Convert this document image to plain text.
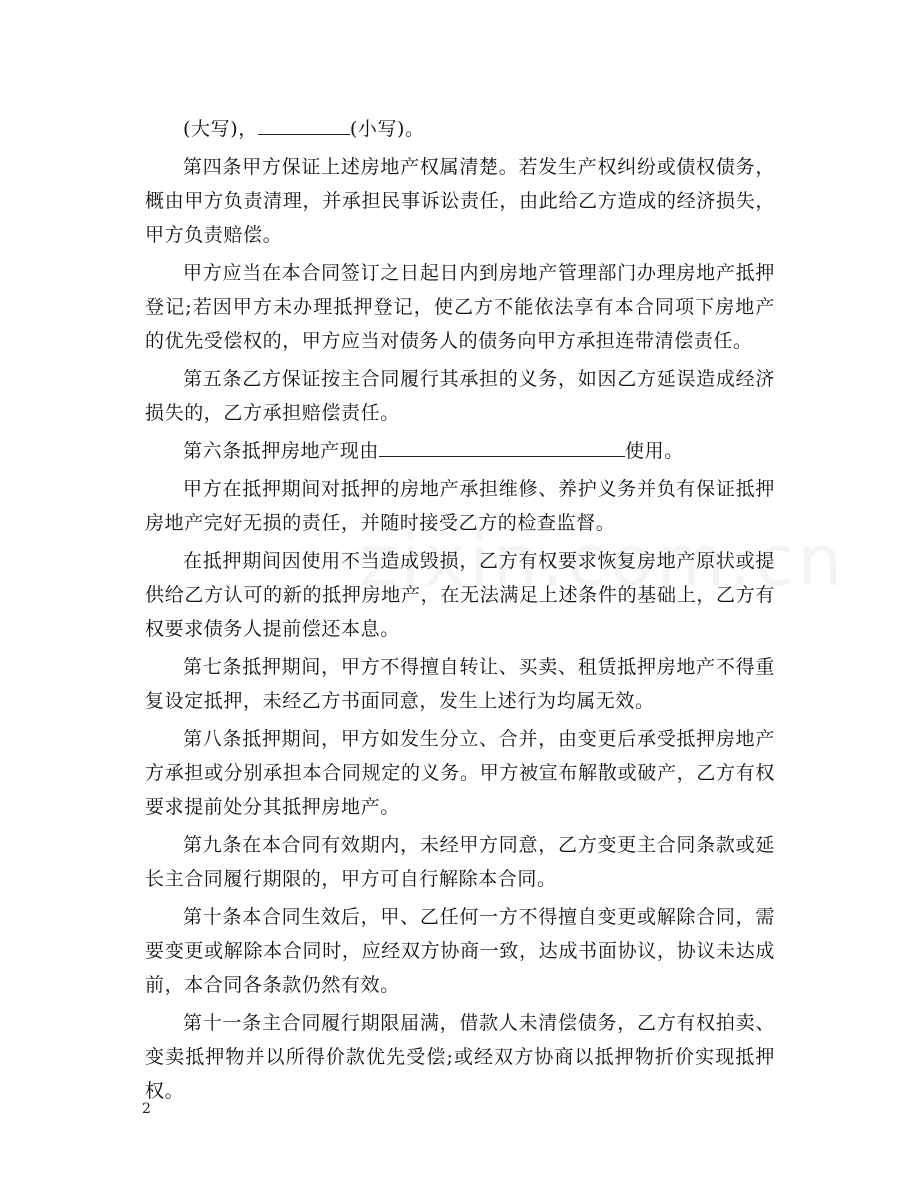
(大写)，	(小写)。

第四条甲方保证上述房地产权属清楚。若发生产权纠纷或债权债务，概由甲方负责清理，并承担民事诉讼责任，由此给乙方造成的经济损失，甲方负责赔偿。

甲方应当在本合同签订之日起日内到房地产管理部门办理房地产抵押登记;若因甲方未办理抵押登记，使乙方不能依法享有本合同项下房地产的优先受偿权的，甲方应当对债务人的债务向甲方承担连带清偿责任。

第五条乙方保证按主合同履行其承担的义务，如因乙方延误造成经济损失的，乙方承担赔偿责任。

第六条抵押房地产现由	使用。

甲方在抵押期间对抵押的房地产承担维修、养护义务并负有保证抵押房地产完好无损的责任，并随时接受乙方的检查监督。

在抵押期间因使用不当造成毁损，乙方有权要求恢复房地产原状或提供给乙方认可的新的抵押房地产，在无法满足上述条件的基础上，乙方有权要求债务人提前偿还本息。

第七条抵押期间，甲方不得擅自转让、买卖、租赁抵押房地产不得重复设定抵押，未经乙方书面同意，发生上述行为均属无效。

第八条抵押期间，甲方如发生分立、合并，由变更后承受抵押房地产方承担或分别承担本合同规定的义务。甲方被宣布解散或破产，乙方有权要求提前处分其抵押房地产。

第九条在本合同有效期内，未经甲方同意，乙方变更主合同条款或延长主合同履行期限的，甲方可自行解除本合同。

第十条本合同生效后，甲、乙任何一方不得擅自变更或解除合同，需要变更或解除本合同时，应经双方协商一致，达成书面协议，协议未达成前，本合同各条款仍然有效。

第十一条主合同履行期限届满，借款人未清偿债务，乙方有权拍卖、变卖抵押物并以所得价款优先受偿;或经双方协商以抵押物折价实现抵押权。

2
